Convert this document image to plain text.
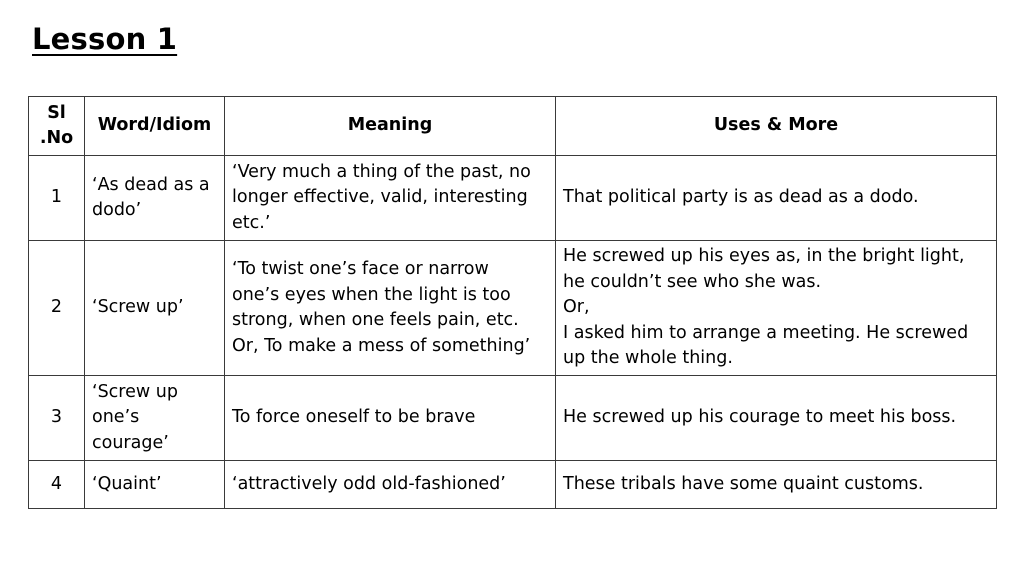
Lesson 1
Sl
.No	Word/Idiom	Meaning	Uses & More

1	‘As dead as a
dodo’	‘Very much a thing of the past, no
longer effective, valid, interesting
etc.’	That political party is as dead as a dodo.

2	‘Screw up’	‘To twist one’s face or narrow
one’s eyes when the light is too
strong, when one feels pain, etc.
Or, To make a mess of something’	He screwed up his eyes as, in the bright light,
he couldn’t see who she was.
Or,
I asked him to arrange a meeting. He screwed
up the whole thing.

3	‘Screw up
one’s
courage’	To force oneself to be brave	He screwed up his courage to meet his boss.

4	‘Quaint’	‘attractively odd old-fashioned’	These tribals have some quaint customs.
